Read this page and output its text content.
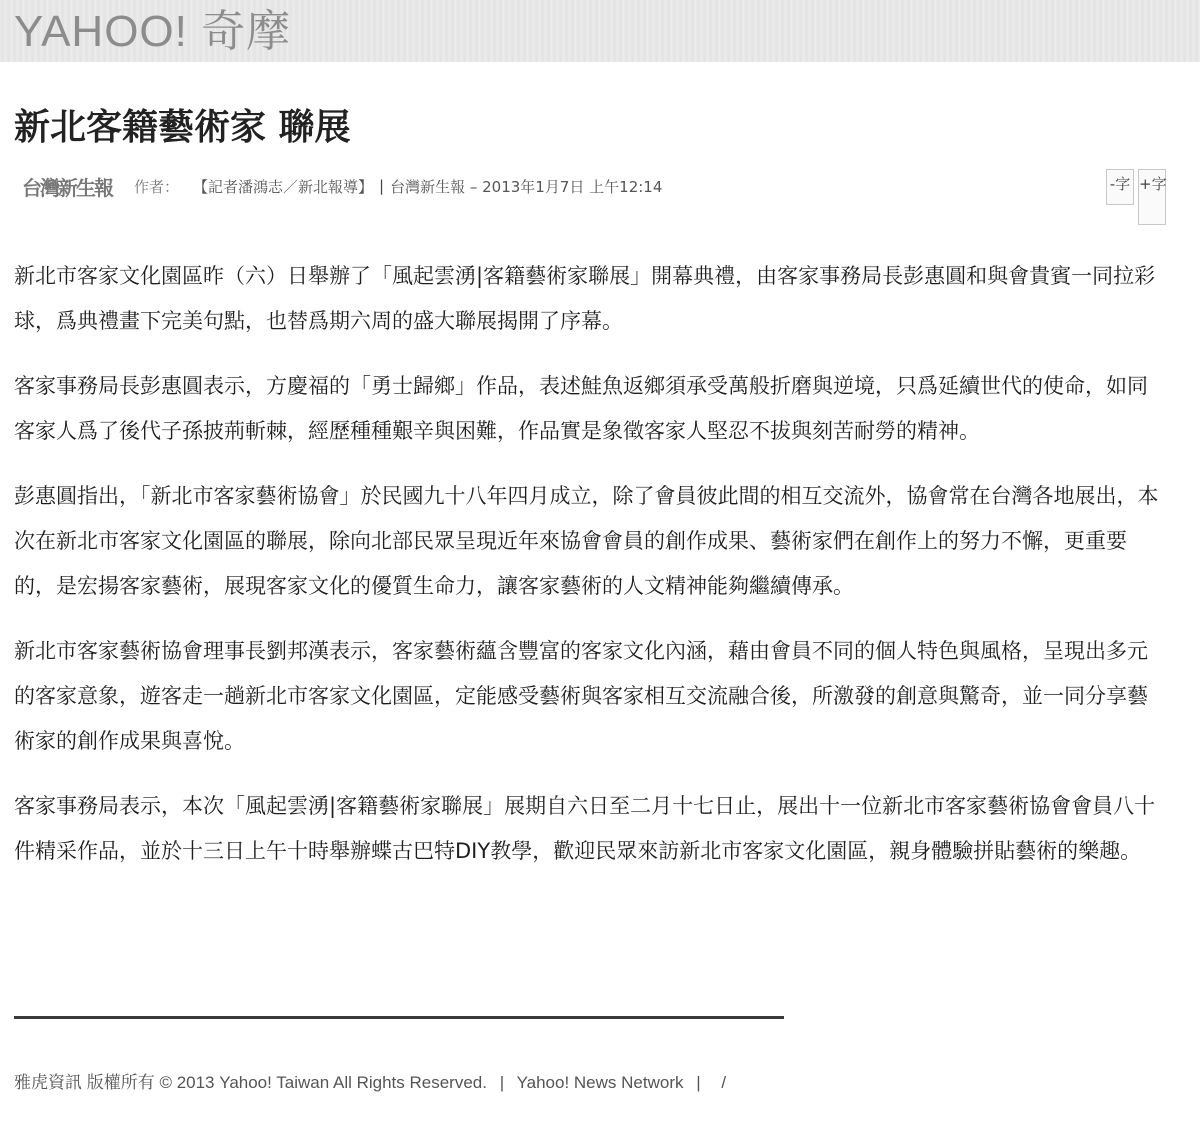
YAHOO! 奇摩
新北客籍藝術家 聯展
台灣新生報 作者： 【記者潘鴻志／新北報導】 | 台灣新生報 – 2013年1月7日 上午12:14	-字 +字

新北市客家文化園區昨（六）日舉辦了「風起雲湧|客籍藝術家聯展」開幕典禮，由客家事務局長彭惠圓和與會貴賓一同拉彩球，爲典禮畫下完美句點，也替爲期六周的盛大聯展揭開了序幕。

客家事務局長彭惠圓表示，方慶福的「勇士歸鄉」作品，表述鮭魚返鄉須承受萬般折磨與逆境，只爲延續世代的使命，如同客家人爲了後代子孫披荊斬棘，經歷種種艱辛與困難，作品實是象徵客家人堅忍不拔與刻苦耐勞的精神。

彭惠圓指出，「新北市客家藝術協會」於民國九十八年四月成立，除了會員彼此間的相互交流外，協會常在台灣各地展出，本次在新北市客家文化園區的聯展，除向北部民眾呈現近年來協會會員的創作成果、藝術家們在創作上的努力不懈，更重要的，是宏揚客家藝術，展現客家文化的優質生命力，讓客家藝術的人文精神能夠繼續傳承。

新北市客家藝術協會理事長劉邦漢表示，客家藝術蘊含豐富的客家文化內涵，藉由會員不同的個人特色與風格，呈現出多元的客家意象，遊客走一趟新北市客家文化園區，定能感受藝術與客家相互交流融合後，所激發的創意與驚奇，並一同分享藝術家的創作成果與喜悅。

客家事務局表示，本次「風起雲湧|客籍藝術家聯展」展期自六日至二月十七日止，展出十一位新北市客家藝術協會會員八十件精采作品，並於十三日上午十時舉辦蝶古巴特DIY教學，歡迎民眾來訪新北市客家文化園區，親身體驗拼貼藝術的樂趣。

雅虎資訊 版權所有 © 2013 Yahoo! Taiwan All Rights Reserved. | Yahoo! News Network | /
